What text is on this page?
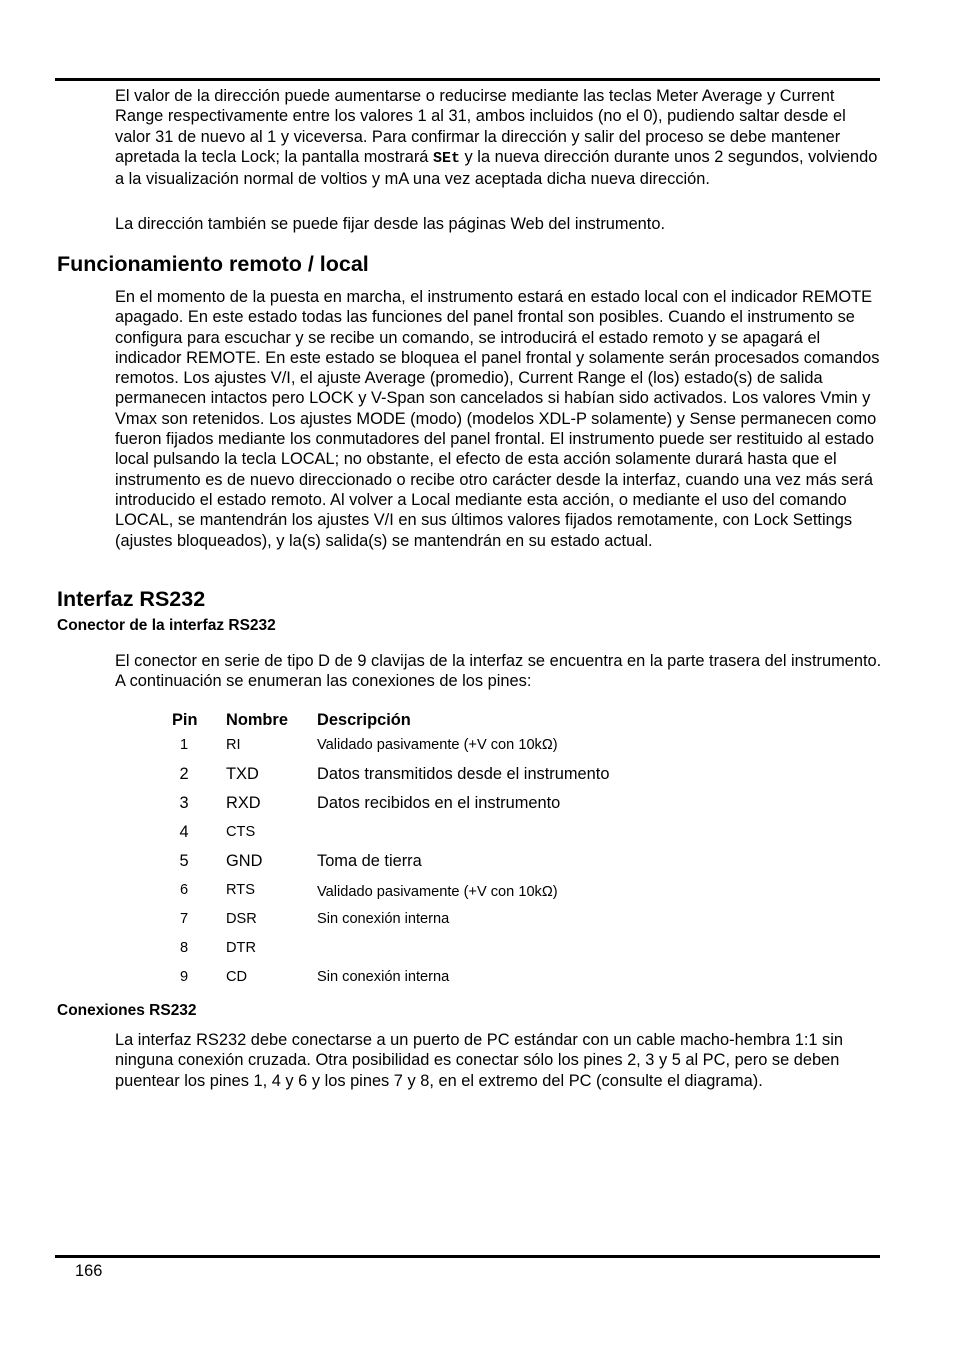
El valor de la dirección puede aumentarse o reducirse mediante las teclas Meter Average y Current Range respectivamente entre los valores 1 al 31, ambos incluidos (no el 0), pudiendo saltar desde el valor 31 de nuevo al 1 y viceversa. Para confirmar la dirección y salir del proceso se debe mantener apretada la tecla Lock; la pantalla mostrará SEt y la nueva dirección durante unos 2 segundos, volviendo a la visualización normal de voltios y mA una vez aceptada dicha nueva dirección.

La dirección también se puede fijar desde las páginas Web del instrumento.

Funcionamiento remoto / local

En el momento de la puesta en marcha, el instrumento estará en estado local con el indicador REMOTE apagado. En este estado todas las funciones del panel frontal son posibles. Cuando el instrumento se configura para escuchar y se recibe un comando, se introducirá el estado remoto y se apagará el indicador REMOTE. En este estado se bloquea el panel frontal y solamente serán procesados comandos remotos. Los ajustes V/I, el ajuste Average (promedio), Current Range el (los) estado(s) de salida permanecen intactos pero LOCK y V-Span son cancelados si habían sido activados. Los valores Vmin y Vmax son retenidos. Los ajustes MODE (modo) (modelos XDL-P solamente) y Sense permanecen como fueron fijados mediante los conmutadores del panel frontal. El instrumento puede ser restituido al estado local pulsando la tecla LOCAL; no obstante, el efecto de esta acción solamente durará hasta que el instrumento es de nuevo direccionado o recibe otro carácter desde la interfaz, cuando una vez más será introducido el estado remoto. Al volver a Local mediante esta acción, o mediante el uso del comando LOCAL, se mantendrán los ajustes V/I en sus últimos valores fijados remotamente, con Lock Settings (ajustes bloqueados), y la(s) salida(s) se mantendrán en su estado actual.

Interfaz RS232
Conector de la interfaz RS232

El conector en serie de tipo D de 9 clavijas de la interfaz se encuentra en la parte trasera del instrumento. A continuación se enumeran las conexiones de los pines:

Pin Nombre Descripción
1	RI	Validado pasivamente (+V con 10kΩ)
2	TXD	Datos transmitidos desde el instrumento
3	RXD	Datos recibidos en el instrumento
4	CTS
5	GND	Toma de tierra
6	RTS	Validado pasivamente (+V con 10kΩ)
7	DSR	Sin conexión interna
8	DTR
9	CD	Sin conexión interna
Conexiones RS232

La interfaz RS232 debe conectarse a un puerto de PC estándar con un cable macho-hembra 1:1 sin ninguna conexión cruzada. Otra posibilidad es conectar sólo los pines 2, 3 y 5 al PC, pero se deben puentear los pines 1, 4 y 6 y los pines 7 y 8, en el extremo del PC (consulte el diagrama).

166
